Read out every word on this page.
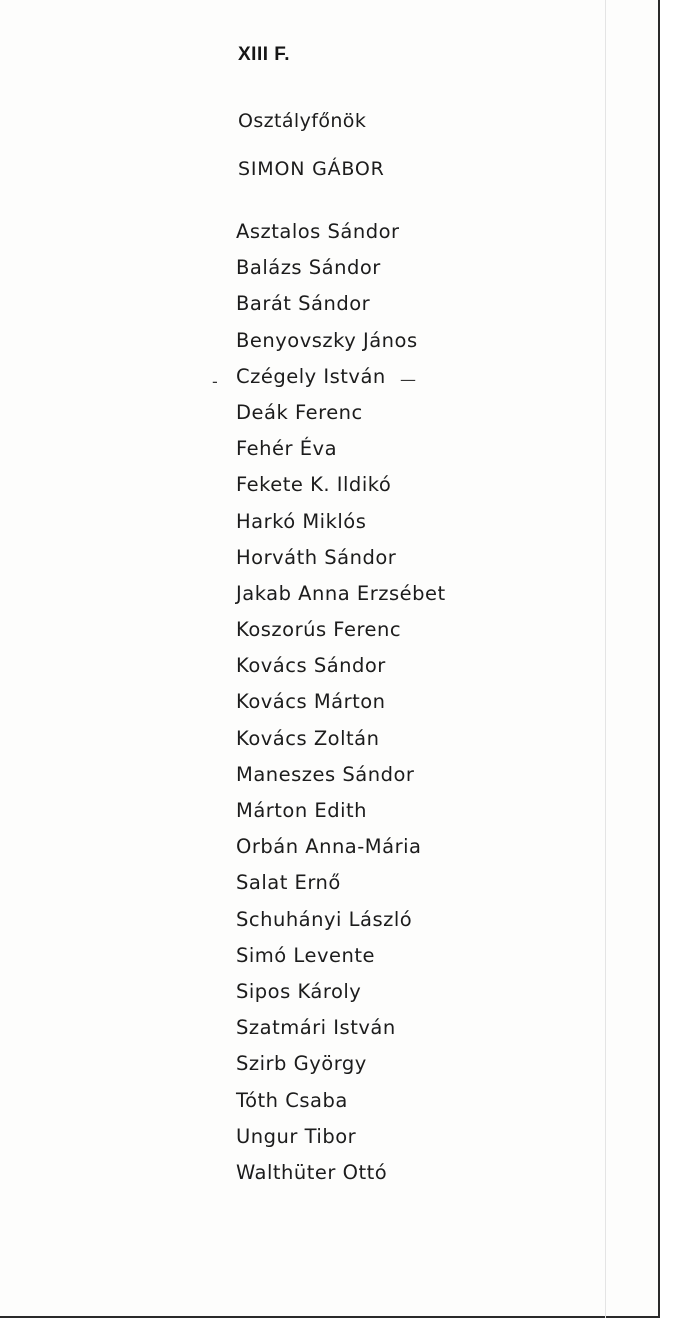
XIII F.
Osztályfőnök
SIMON GÁBOR
Asztalos Sándor
Balázs Sándor
Barát Sándor
Benyovszky János
Czégely István
Deák Ferenc
Fehér Éva
Fekete K. Ildikó
Harkó Miklós
Horváth Sándor
Jakab Anna Erzsébet
Koszorús Ferenc
Kovács Sándor
Kovács Márton
Kovács Zoltán
Maneszes Sándor
Márton Edith
Orbán Anna-Mária
Salat Ernő
Schuhányi László
Simó Levente
Sipos Károly
Szatmári István
Szirb György
Tóth Csaba
Ungur Tibor
Walthüter Ottó
-	—
